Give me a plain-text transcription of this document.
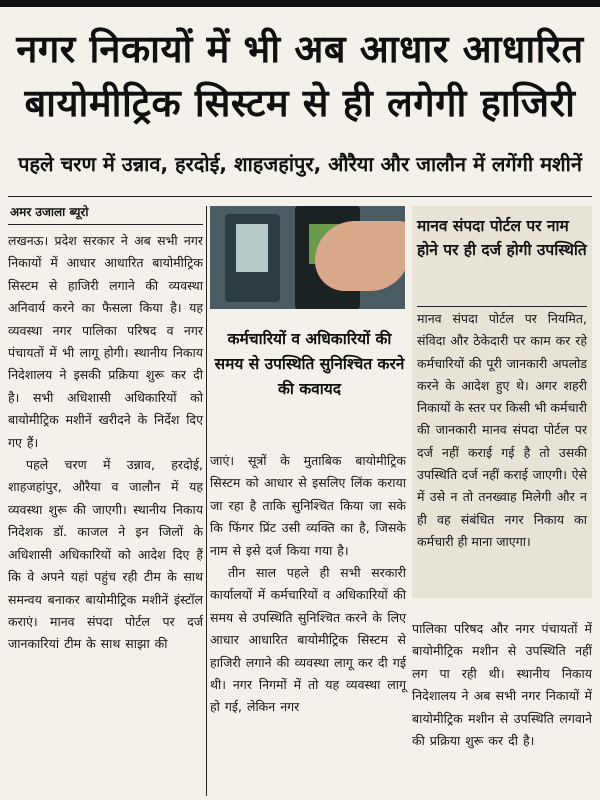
नगर निकायों में भी अब आधार आधारित
बायोमीट्रिक सिस्टम से ही लगेगी हाजिरी
पहले चरण में उन्नाव, हरदोई, शाहजहांपुर, औरैया और जालौन में लगेंगी मशीनें
अमर उजाला ब्यूरो

लखनऊ। प्रदेश सरकार ने अब सभी नगर निकायों में आधार आधारित बायोमीट्रिक सिस्टम से हाजिरी लगाने की व्यवस्था अनिवार्य करने का फैसला किया है। यह व्यवस्था नगर पालिका परिषद व नगर पंचायतों में भी लागू होगी। स्थानीय निकाय निदेशालय ने इसकी प्रक्रिया शुरू कर दी है। सभी अधिशासी अधिकारियों को बायोमीट्रिक मशीनें खरीदने के निर्देश दिए गए हैं।

पहले चरण में उन्नाव, हरदोई, शाहजहांपुर, औरैया व जालौन में यह व्यवस्था शुरू की जाएगी। स्थानीय निकाय निदेशक डॉ. काजल ने इन जिलों के अधिशासी अधिकारियों को आदेश दिए हैं कि वे अपने यहां पहुंच रही टीम के साथ समन्वय बनाकर बायोमीट्रिक मशीनें इंस्टॉल कराएं। मानव संपदा पोर्टल पर दर्ज जानकारियां टीम के साथ साझा की

कर्मचारियों व अधिकारियों की समय से उपस्थिति सुनिश्चित करने की कवायद

जाएं। सूत्रों के मुताबिक बायोमीट्रिक सिस्टम को आधार से इसलिए लिंक कराया जा रहा है ताकि सुनिश्चित किया जा सके कि फिंगर प्रिंट उसी व्यक्ति का है, जिसके नाम से इसे दर्ज किया गया है।

तीन साल पहले ही सभी सरकारी कार्यालयों में कर्मचारियों व अधिकारियों की समय से उपस्थिति सुनिश्चित करने के लिए आधार आधारित बायोमीट्रिक सिस्टम से हाजिरी लगाने की व्यवस्था लागू कर दी गई थी। नगर निगमों में तो यह व्यवस्था लागू हो गई, लेकिन नगर

मानव संपदा पोर्टल पर नाम होने पर ही दर्ज होगी उपस्थिति
मानव संपदा पोर्टल पर नियमित, संविदा और ठेकेदारी पर काम कर रहे कर्मचारियों की पूरी जानकारी अपलोड करने के आदेश हुए थे। अगर शहरी निकायों के स्तर पर किसी भी कर्मचारी की जानकारी मानव संपदा पोर्टल पर दर्ज नहीं कराई गई है तो उसकी उपस्थिति दर्ज नहीं कराई जाएगी। ऐसे में उसे न तो तनख्वाह मिलेगी और न ही वह संबंधित नगर निकाय का कर्मचारी ही माना जाएगा।

पालिका परिषद और नगर पंचायतों में बायोमीट्रिक मशीन से उपस्थिति नहीं लग पा रही थी। स्थानीय निकाय निदेशालय ने अब सभी नगर निकायों में बायोमीट्रिक मशीन से उपस्थिति लगवाने की प्रक्रिया शुरू कर दी है।
